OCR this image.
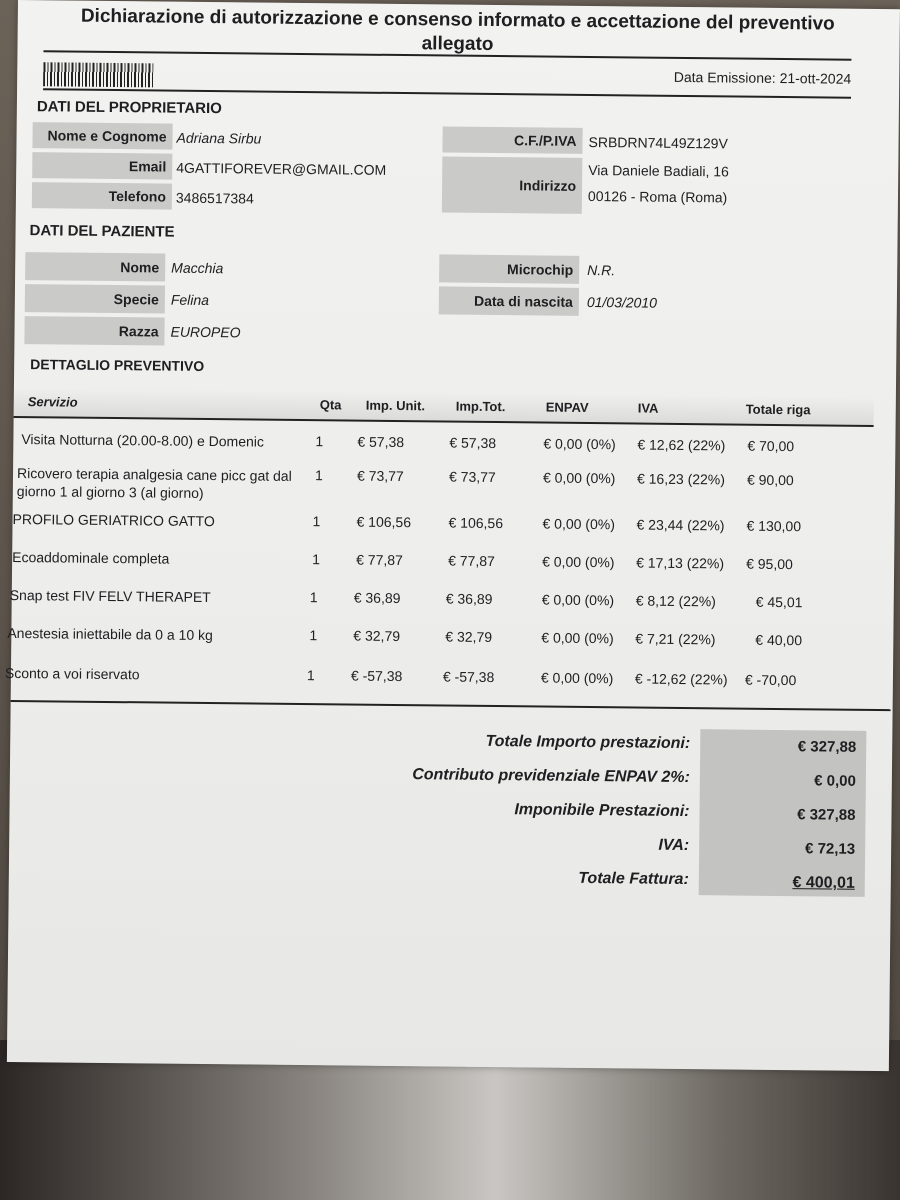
Dichiarazione di autorizzazione e consenso informato e accettazione del preventivo allegato
Data Emissione: 21-ott-2024
DATI DEL PROPRIETARIO
Nome e Cognome Adriana Sirbu
Email 4GATTIFOREVER@GMAIL.COM
Telefono 3486517384
C.F./P.IVA SRBDRN74L49Z129V
Indirizzo
Via Daniele Badiali, 16
00126 - Roma (Roma)
DATI DEL PAZIENTE
Nome Macchia
Specie Felina
Razza EUROPEO
Microchip N.R.
Data di nascita 01/03/2010
DETTAGLIO PREVENTIVO
Servizio	Qta Imp. Unit. Imp.Tot.	ENPAV	IVA	Totale riga
Visita Notturna (20.00-8.00) e Domenic	1 € 57,38	€ 57,38	€ 0,00 (0%) € 12,62 (22%) € 70,00
Ricovero terapia analgesia cane picc gat dal giorno 1 al giorno 3 (al giorno)
1 € 73,77	€ 73,77	€ 0,00 (0%) € 16,23 (22%) € 90,00
PROFILO GERIATRICO GATTO	1	€ 106,56	€ 106,56	€ 0,00 (0%) € 23,44 (22%) € 130,00
Ecoaddominale completa	1	€ 77,87	€ 77,87	€ 0,00 (0%) € 17,13 (22%) € 95,00
Snap test FIV FELV THERAPET	1	€ 36,89	€ 36,89	€ 0,00 (0%) € 8,12 (22%)	€ 45,01
Anestesia iniettabile da 0 a 10 kg	1	€ 32,79	€ 32,79	€ 0,00 (0%) € 7,21 (22%)	€ 40,00
Sconto a voi riservato	1	€ -57,38	€ -57,38	€ 0,00 (0%) € -12,62 (22%) € -70,00
Totale Importo prestazioni:	€ 327,88
Contributo previdenziale ENPAV 2%:	€ 0,00
Imponibile Prestazioni:	€ 327,88
IVA:	€ 72,13
Totale Fattura:	€ 400,01
